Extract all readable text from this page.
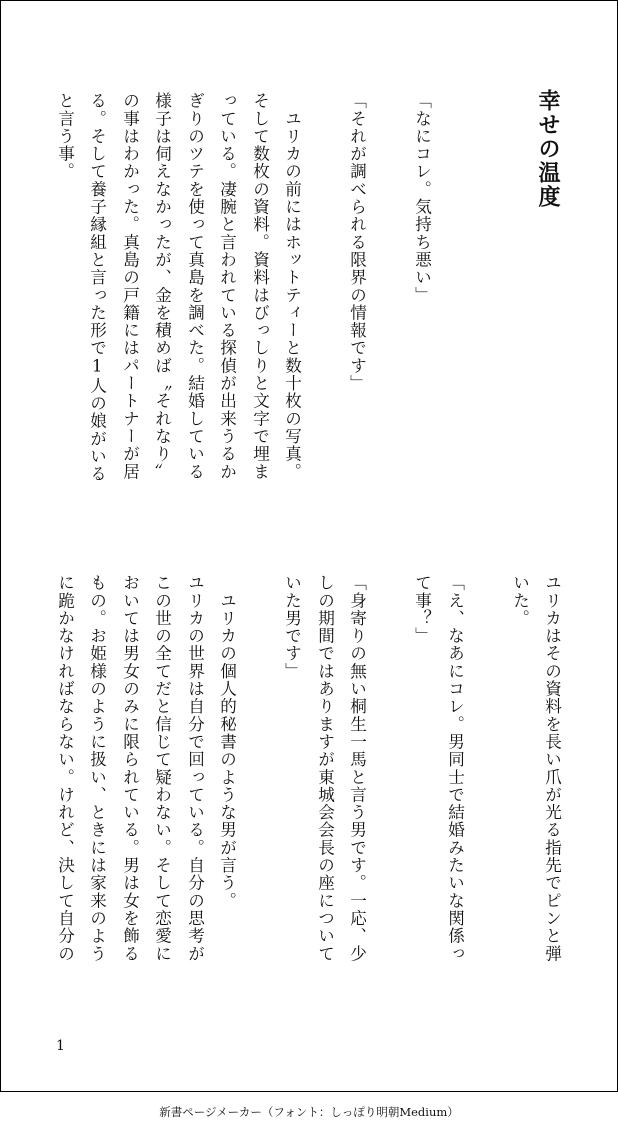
幸せの温度

「なにコレ。気持ち悪い」

「それが調べられる限界の情報です」

　ユリカの前にはホットティーと数十枚の写真。

そして数枚の資料。資料はびっしりと文字で埋ま

っている。凄腕と言われている探偵が出来うるか

ぎりのツテを使って真島を調べた。結婚している

様子は伺えなかったが、金を積めば〝それなり〟

の事はわかった。真島の戸籍にはパートナーが居

る。そして養子縁組と言った形で1人の娘がいる

と言う事。

ユリカはその資料を長い爪が光る指先でピンと弾

いた。

「え、なあにコレ。男同士で結婚みたいな関係っ

て事？」

「身寄りの無い桐生一馬と言う男です。一応、少

しの期間ではありますが東城会会長の座について

いた男です」

　ユリカの個人的秘書のような男が言う。

ユリカの世界は自分で回っている。自分の思考が

この世の全てだと信じて疑わない。そして恋愛に

おいては男女のみに限られている。男は女を飾る

もの。お姫様のように扱い、ときには家来のよう

に跪かなければならない。けれど、決して自分の

1
新書ページメーカー（フォント：しっぽり明朝Medium）
